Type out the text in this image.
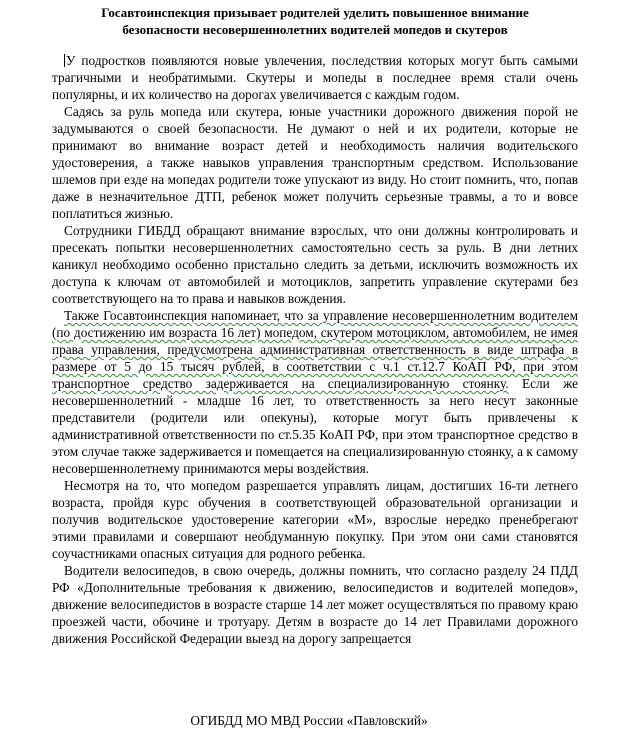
Госавтоинспекция призывает родителей уделить повышенное внимание
безопасности несовершеннолетних водителей мопедов и скутеров

У подростков появляются новые увлечения, последствия которых могут быть самыми трагичными и необратимыми. Скутеры и мопеды в последнее время стали очень популярны, и их количество на дорогах увеличивается с каждым годом.

Садясь за руль мопеда или скутера, юные участники дорожного движения порой не задумываются о своей безопасности. Не думают о ней и их родители, которые не принимают во внимание возраст детей и необходимость наличия водительского удостоверения, а также навыков управления транспортным средством. Использование шлемов при езде на мопедах родители тоже упускают из виду. Но стоит помнить, что, попав даже в незначительное ДТП, ребенок может получить серьезные травмы, а то и вовсе поплатиться жизнью.

Сотрудники ГИБДД обращают внимание взрослых, что они должны контролировать и пресекать попытки несовершеннолетних самостоятельно сесть за руль. В дни летних каникул необходимо особенно пристально следить за детьми, исключить возможность их доступа к ключам от автомобилей и мотоциклов, запретить управление скутерами без соответствующего на то права и навыков вождения.

Также Госавтоинспекция напоминает, что за управление несовершеннолетним водителем (по достижению им возраста 16 лет) мопедом, скутером мотоциклом, автомобилем, не имея права управления, предусмотрена административная ответственность в виде штрафа в размере от 5 до 15 тысяч рублей, в соответствии с ч.1 ст.12.7 КоАП РФ, при этом транспортное средство задерживается на специализированную стоянку. Если же несовершеннолетний - младше 16 лет, то ответственность за него несут законные представители (родители или опекуны), которые могут быть привлечены к административной ответственности по ст.5.35 КоАП РФ, при этом транспортное средство в этом случае также задерживается и помещается на специализированную стоянку, а к самому несовершеннолетнему принимаются меры воздействия.

Несмотря на то, что мопедом разрешается управлять лицам, достигших 16-ти летнего возраста, пройдя курс обучения в соответствующей образовательной организации и получив водительское удостоверение категории «М», взрослые нередко пренебрегают этими правилами и совершают необдуманную покупку. При этом они сами становятся соучастниками опасных ситуация для родного ребенка.

Водители велосипедов, в свою очередь, должны помнить, что согласно разделу 24 ПДД РФ «Дополнительные требования к движению, велосипедистов и водителей мопедов», движение велосипедистов в возрасте старше 14 лет может осуществляться по правому краю проезжей части, обочине и тротуару. Детям в возрасте до 14 лет Правилами дорожного движения Российской Федерации выезд на дорогу запрещается

ОГИБДД МО МВД России «Павловский»
